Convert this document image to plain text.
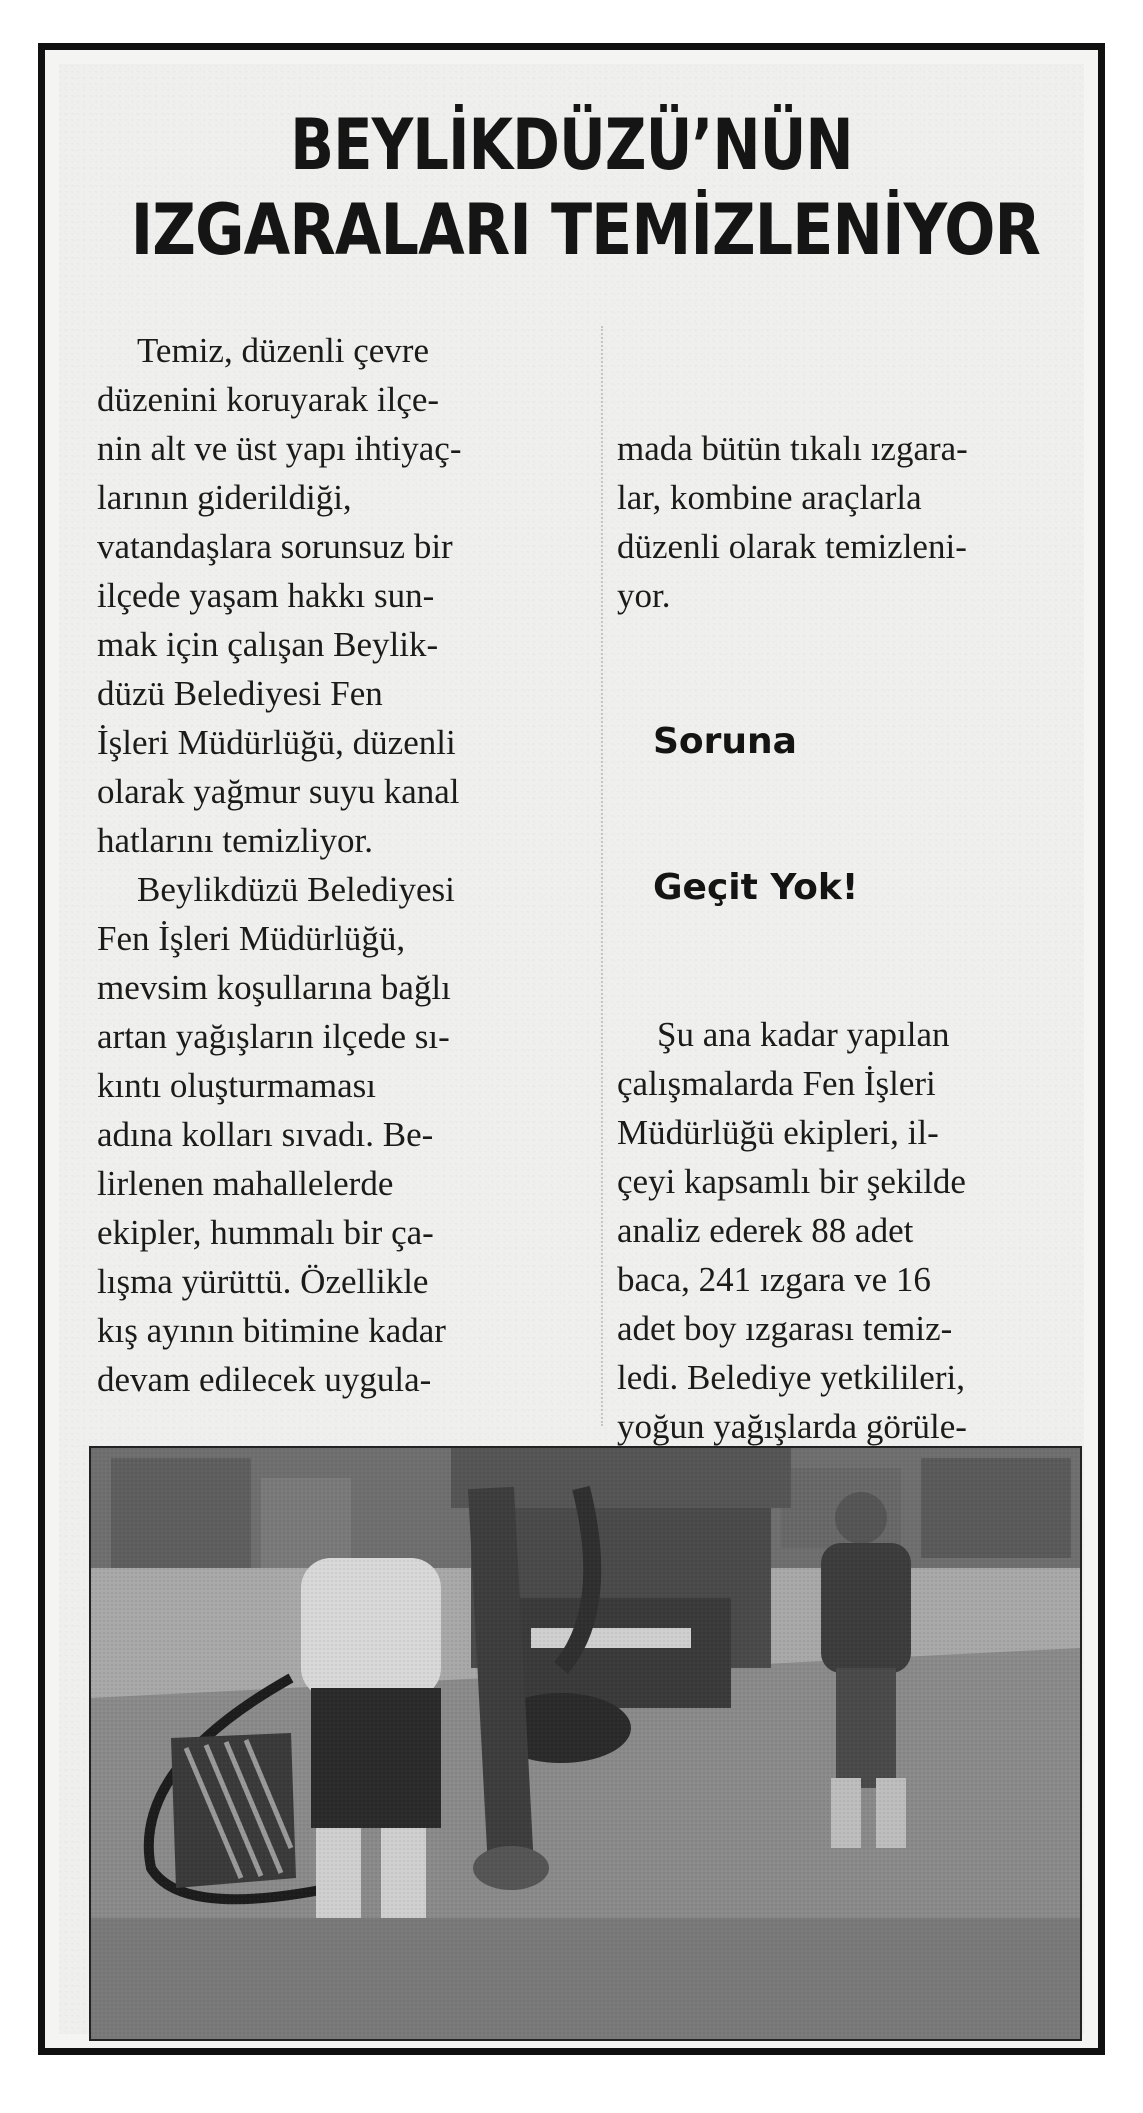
BEYLİKDÜZÜ’NÜN
IZGARALARI TEMİZLENİYOR
Temiz, düzenli çevre
düzenini koruyarak ilçe-
nin alt ve üst yapı ihtiyaç-
larının giderildiği,
vatandaşlara sorunsuz bir
ilçede yaşam hakkı sun-
mak için çalışan Beylik-
düzü Belediyesi Fen
İşleri Müdürlüğü, düzenli
olarak yağmur suyu kanal
hatlarını temizliyor.
Beylikdüzü Belediyesi
Fen İşleri Müdürlüğü,
mevsim koşullarına bağlı
artan yağışların ilçede sı-
kıntı oluşturmaması
adına kolları sıvadı. Be-
lirlenen mahallelerde
ekipler, hummalı bir ça-
lışma yürüttü. Özellikle
kış ayının bitimine kadar
devam edilecek uygula-

mada bütün tıkalı ızgara-
lar, kombine araçlarla
düzenli olarak temizleni-
yor.

Soruna

Geçit Yok!

Şu ana kadar yapılan
çalışmalarda Fen İşleri
Müdürlüğü ekipleri, il-
çeyi kapsamlı bir şekilde
analiz ederek 88 adet
baca, 241 ızgara ve 16
adet boy ızgarası temiz-
ledi. Belediye yetkilileri,
yoğun yağışlarda görüle-
